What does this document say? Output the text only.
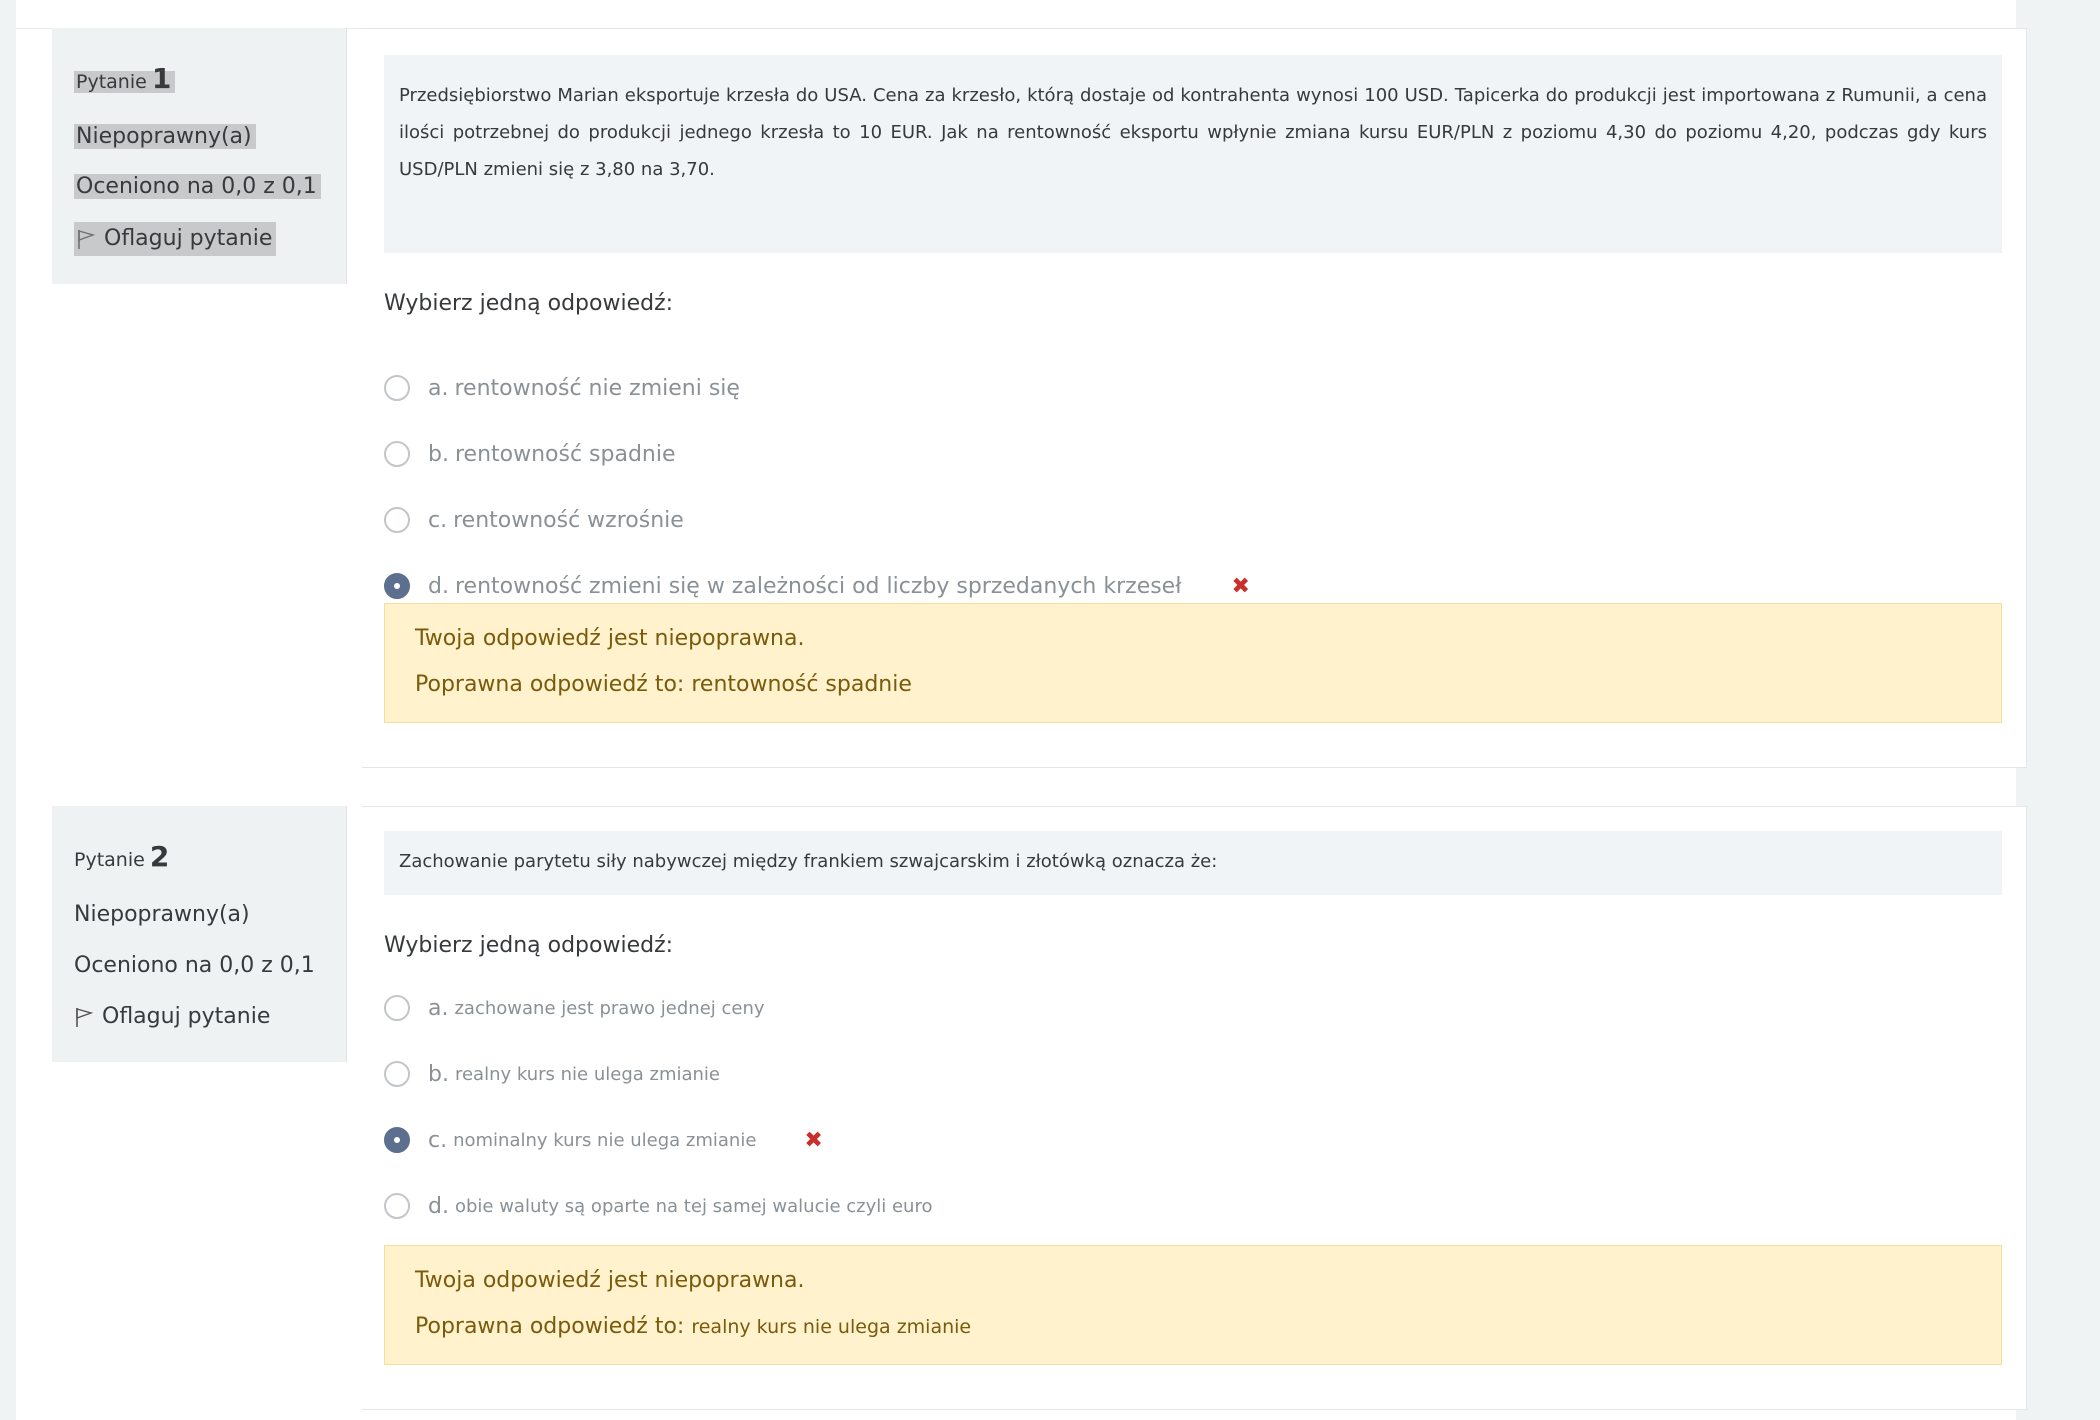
Pytanie 1
Niepoprawny(a)
Oceniono na 0,0 z 0,1
Oflaguj pytanie

Przedsiębiorstwo Marian eksportuje krzesła do USA. Cena za krzesło, którą dostaje od kontrahenta wynosi 100 USD. Tapicerka do produkcji jest importowana z Rumunii, a cena ilości potrzebnej do produkcji jednego krzesła to 10 EUR. Jak na rentowność eksportu wpłynie zmiana kursu EUR/PLN z poziomu 4,30 do poziomu 4,20, podczas gdy kurs USD/PLN zmieni się z 3,80 na 3,70.

Wybierz jedną odpowiedź:
a. rentowność nie zmieni się
b. rentowność spadnie
c. rentowność wzrośnie
d. rentowność zmieni się w zależności od liczby sprzedanych krzeseł ✖
Twoja odpowiedź jest niepoprawna.
Poprawna odpowiedź to: rentowność spadnie
Pytanie 2
Niepoprawny(a)
Oceniono na 0,0 z 0,1
Oflaguj pytanie

Zachowanie parytetu siły nabywczej między frankiem szwajcarskim i złotówką oznacza że:

Wybierz jedną odpowiedź:
a. zachowane jest prawo jednej ceny
b. realny kurs nie ulega zmianie
c. nominalny kurs nie ulega zmianie ✖
d. obie waluty są oparte na tej samej walucie czyli euro
Twoja odpowiedź jest niepoprawna.
Poprawna odpowiedź to: realny kurs nie ulega zmianie
